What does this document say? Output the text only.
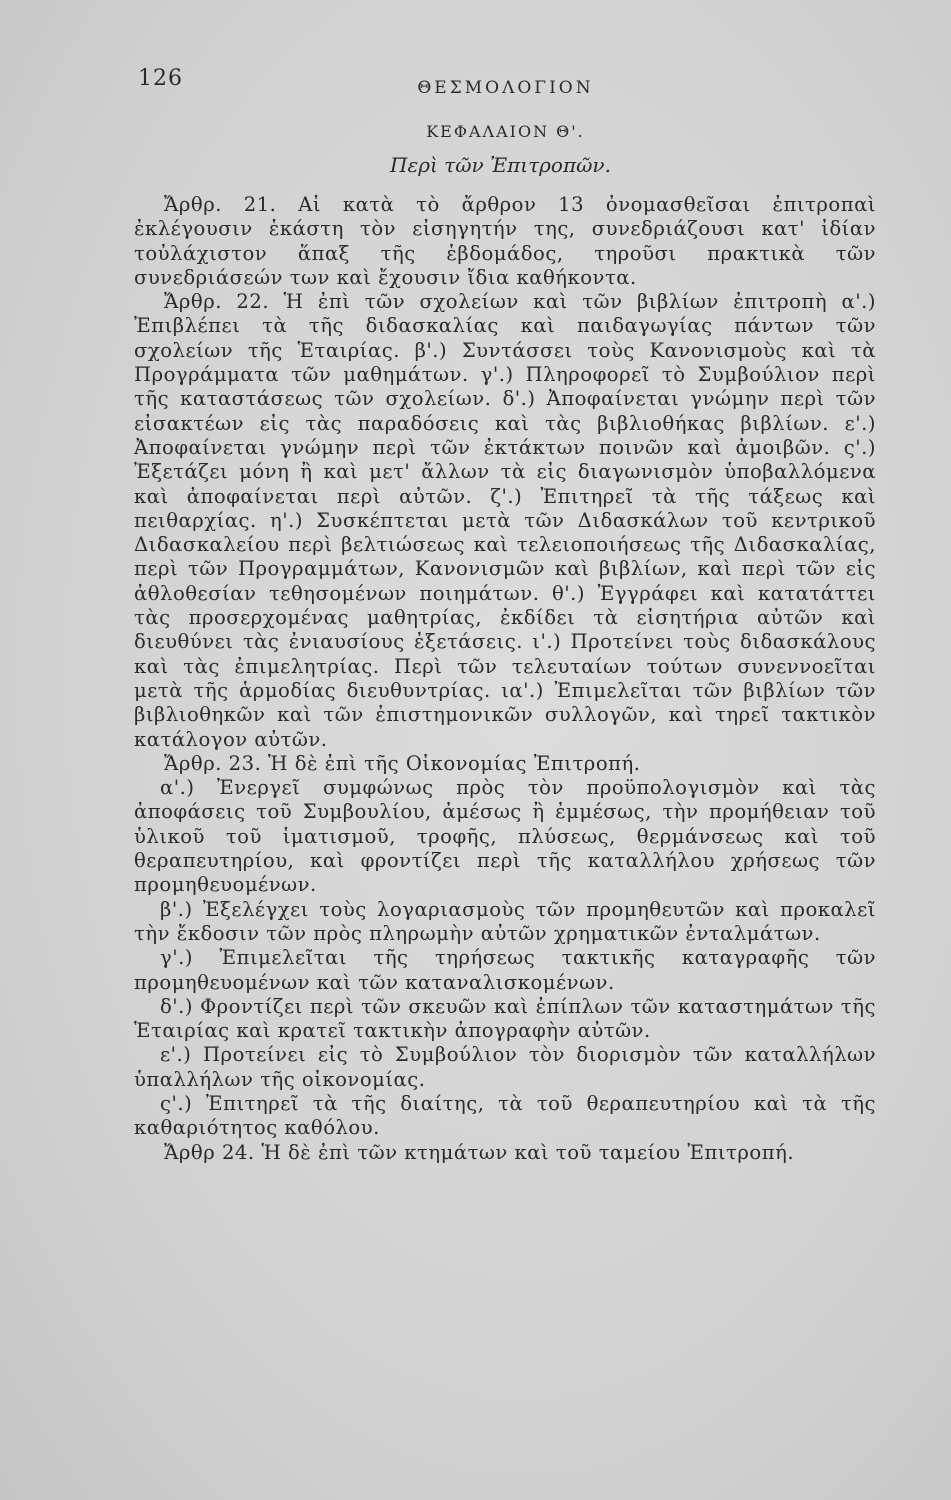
126	ΘΕΣΜΟΛΟΓΙΟΝ
ΚΕΦΑΛΑΙΟΝ Θ'.
Περὶ τῶν Ἐπιτροπῶν.

Ἄρθρ. 21. Αἱ κατὰ τὸ ἄρθρον 13 ὀνομασθεῖσαι ἐπιτροπαὶ ἐκλέγουσιν ἑκάστη τὸν εἰσηγητήν της, συνεδριάζουσι κατ' ἰδίαν τοὐλάχιστον ἅπαξ τῆς ἑβδομάδος, τηροῦσι πρακτικὰ τῶν συνεδριάσεών των καὶ ἔχουσιν ἴδια καθήκοντα.

Ἄρθρ. 22. Ἡ ἐπὶ τῶν σχολείων καὶ τῶν βιβλίων ἐπιτροπὴ α'.) Ἐπιβλέπει τὰ τῆς διδασκαλίας καὶ παιδαγωγίας πάντων τῶν σχολείων τῆς Ἑταιρίας. β'.) Συντάσσει τοὺς Κανονισμοὺς καὶ τὰ Προγράμματα τῶν μαθημάτων. γ'.) Πληροφορεῖ τὸ Συμβούλιον περὶ τῆς καταστάσεως τῶν σχολείων. δ'.) Ἀποφαίνεται γνώμην περὶ τῶν εἰσακτέων εἰς τὰς παραδόσεις καὶ τὰς βιβλιοθήκας βιβλίων. ε'.) Ἀποφαίνεται γνώμην περὶ τῶν ἐκτάκτων ποινῶν καὶ ἀμοιβῶν. ς'.) Ἐξετάζει μόνη ἢ καὶ μετ' ἄλλων τὰ εἰς διαγωνισμὸν ὑποβαλλόμενα καὶ ἀποφαίνεται περὶ αὐτῶν. ζ'.) Ἐπιτηρεῖ τὰ τῆς τάξεως καὶ πειθαρχίας. η'.) Συσκέπτεται μετὰ τῶν Διδασκάλων τοῦ κεντρικοῦ Διδασκαλείου περὶ βελτιώσεως καὶ τελειοποιήσεως τῆς Διδασκαλίας, περὶ τῶν Προγραμμάτων, Κανονισμῶν καὶ βιβλίων, καὶ περὶ τῶν εἰς ἀθλοθεσίαν τεθησομένων ποιημάτων. θ'.) Ἐγγράφει καὶ κατατάττει τὰς προσερχομένας μαθητρίας, ἐκδίδει τὰ εἰσητήρια αὐτῶν καὶ διευθύνει τὰς ἐνιαυσίους ἐξετάσεις. ι'.) Προτείνει τοὺς διδασκάλους καὶ τὰς ἐπιμελητρίας. Περὶ τῶν τελευταίων τούτων συνεννοεῖται μετὰ τῆς ἁρμοδίας διευθυντρίας. ια'.) Ἐπιμελεῖται τῶν βιβλίων τῶν βιβλιοθηκῶν καὶ τῶν ἐπιστημονικῶν συλλογῶν, καὶ τηρεῖ τακτικὸν κατάλογον αὐτῶν.

Ἄρθρ. 23. Ἡ δὲ ἐπὶ τῆς Οἰκονομίας Ἐπιτροπή.

α'.) Ἐνεργεῖ συμφώνως πρὸς τὸν προϋπολογισμὸν καὶ τὰς ἀποφάσεις τοῦ Συμβουλίου, ἀμέσως ἢ ἐμμέσως, τὴν προμήθειαν τοῦ ὑλικοῦ τοῦ ἱματισμοῦ, τροφῆς, πλύσεως, θερμάνσεως καὶ τοῦ θεραπευτηρίου, καὶ φροντίζει περὶ τῆς καταλλήλου χρήσεως τῶν προμηθευομένων.

β'.) Ἐξελέγχει τοὺς λογαριασμοὺς τῶν προμηθευτῶν καὶ προκαλεῖ τὴν ἔκδοσιν τῶν πρὸς πληρωμὴν αὐτῶν χρηματικῶν ἐνταλμάτων.

γ'.) Ἐπιμελεῖται τῆς τηρήσεως τακτικῆς καταγραφῆς τῶν προμηθευομένων καὶ τῶν καταναλισκομένων.

δ'.) Φροντίζει περὶ τῶν σκευῶν καὶ ἐπίπλων τῶν καταστημάτων τῆς Ἑταιρίας καὶ κρατεῖ τακτικὴν ἀπογραφὴν αὐτῶν.

ε'.) Προτείνει εἰς τὸ Συμβούλιον τὸν διορισμὸν τῶν καταλλήλων ὑπαλλήλων τῆς οἰκονομίας.

ς'.) Ἐπιτηρεῖ τὰ τῆς διαίτης, τὰ τοῦ θεραπευτηρίου καὶ τὰ τῆς καθαριότητος καθόλου.

Ἄρθρ 24. Ἡ δὲ ἐπὶ τῶν κτημάτων καὶ τοῦ ταμείου Ἐπιτροπή.
